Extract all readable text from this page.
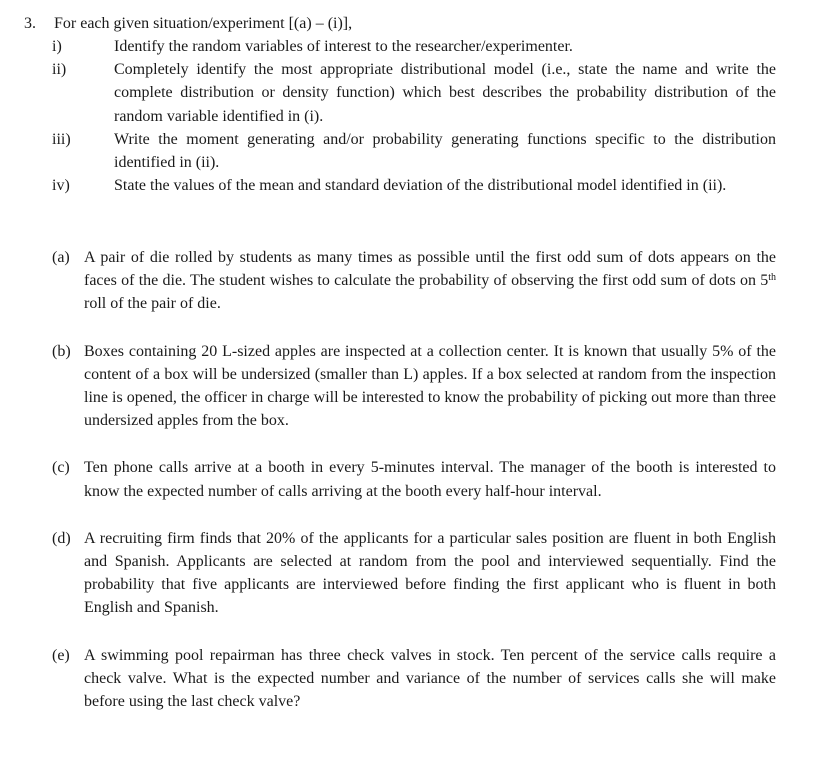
3. For each given situation/experiment [(a) – (i)],
i)	Identify the random variables of interest to the researcher/experimenter.
ii)	Completely identify the most appropriate distributional model (i.e., state the name and write the complete distribution or density function) which best describes the probability distribution of the random variable identified in (i).
iii)	Write the moment generating and/or probability generating functions specific to the distribution identified in (ii).
iv)	State the values of the mean and standard deviation of the distributional model identified in (ii).
(a) A pair of die rolled by students as many times as possible until the first odd sum of dots appears on the faces of the die. The student wishes to calculate the probability of observing the first odd sum of dots on 5th roll of the pair of die.
(b) Boxes containing 20 L-sized apples are inspected at a collection center. It is known that usually 5% of the content of a box will be undersized (smaller than L) apples. If a box selected at random from the inspection line is opened, the officer in charge will be interested to know the probability of picking out more than three undersized apples from the box.
(c) Ten phone calls arrive at a booth in every 5-minutes interval. The manager of the booth is interested to know the expected number of calls arriving at the booth every half-hour interval.
(d) A recruiting firm finds that 20% of the applicants for a particular sales position are fluent in both English and Spanish. Applicants are selected at random from the pool and interviewed sequentially. Find the probability that five applicants are interviewed before finding the first applicant who is fluent in both English and Spanish.
(e) A swimming pool repairman has three check valves in stock. Ten percent of the service calls require a check valve. What is the expected number and variance of the number of services calls she will make before using the last check valve?
